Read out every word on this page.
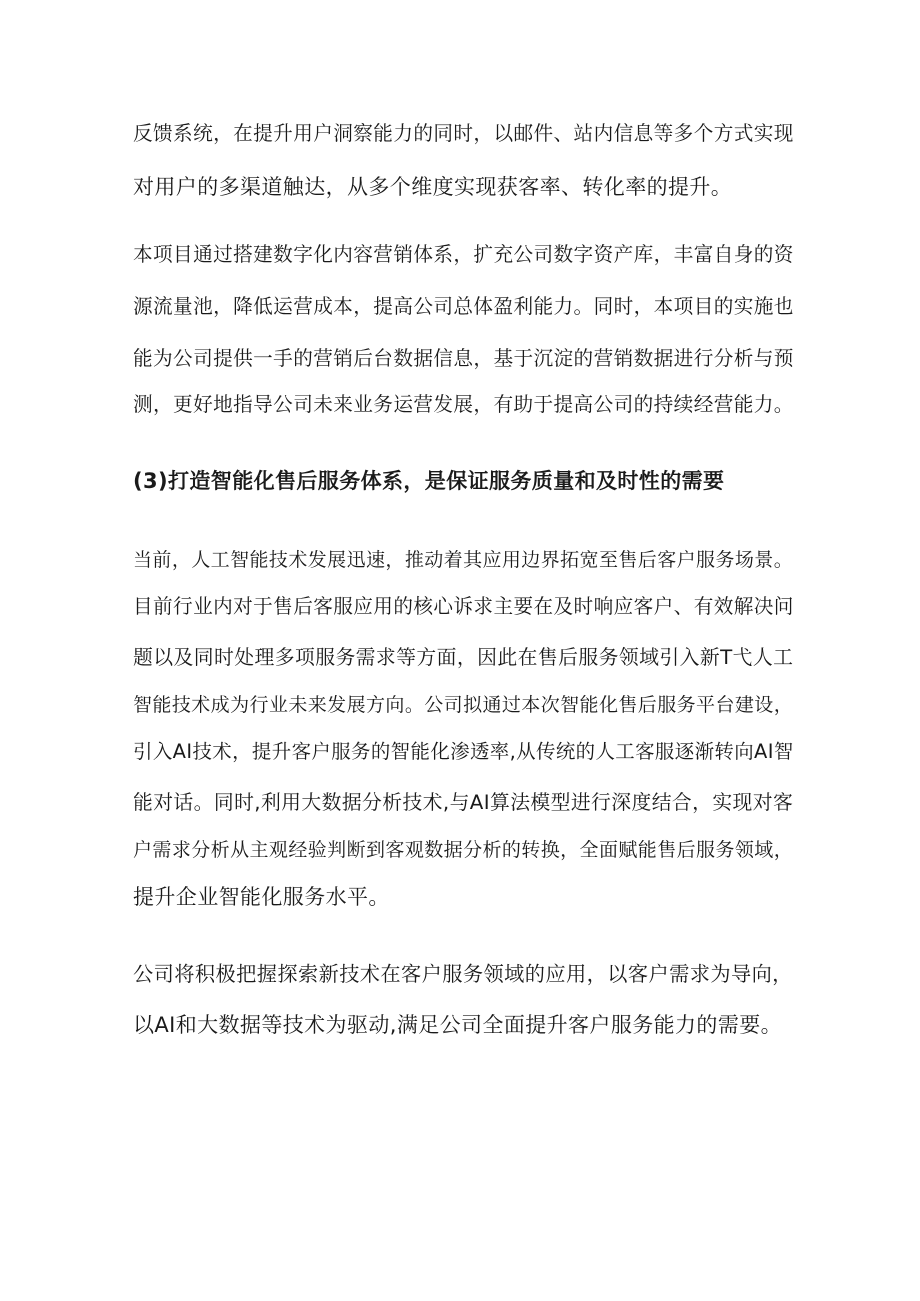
反馈系统，在提升用户洞察能力的同时，以邮件、站内信息等多个方式实现
对用户的多渠道触达，从多个维度实现获客率、转化率的提升。
本项目通过搭建数字化内容营销体系，扩充公司数字资产库，丰富自身的资
源流量池，降低运营成本，提高公司总体盈利能力。同时，本项目的实施也
能为公司提供一手的营销后台数据信息，基于沉淀的营销数据进行分析与预
测，更好地指导公司未来业务运营发展，有助于提高公司的持续经营能力。
(3)打造智能化售后服务体系，是保证服务质量和及时性的需要
当前，人工智能技术发展迅速，推动着其应用边界拓宽至售后客户服务场景。
目前行业内对于售后客服应用的核心诉求主要在及时响应客户、有效解决问
题以及同时处理多项服务需求等方面，因此在售后服务领域引入新T弋人工
智能技术成为行业未来发展方向。公司拟通过本次智能化售后服务平台建设，
引入AI技术，提升客户服务的智能化渗透率,从传统的人工客服逐渐转向AI智
能对话。同时,利用大数据分析技术,与AI算法模型进行深度结合，实现对客
户需求分析从主观经验判断到客观数据分析的转换，全面赋能售后服务领域，
提升企业智能化服务水平。
公司将积极把握探索新技术在客户服务领域的应用，以客户需求为导向，
以AI和大数据等技术为驱动,满足公司全面提升客户服务能力的需要。
